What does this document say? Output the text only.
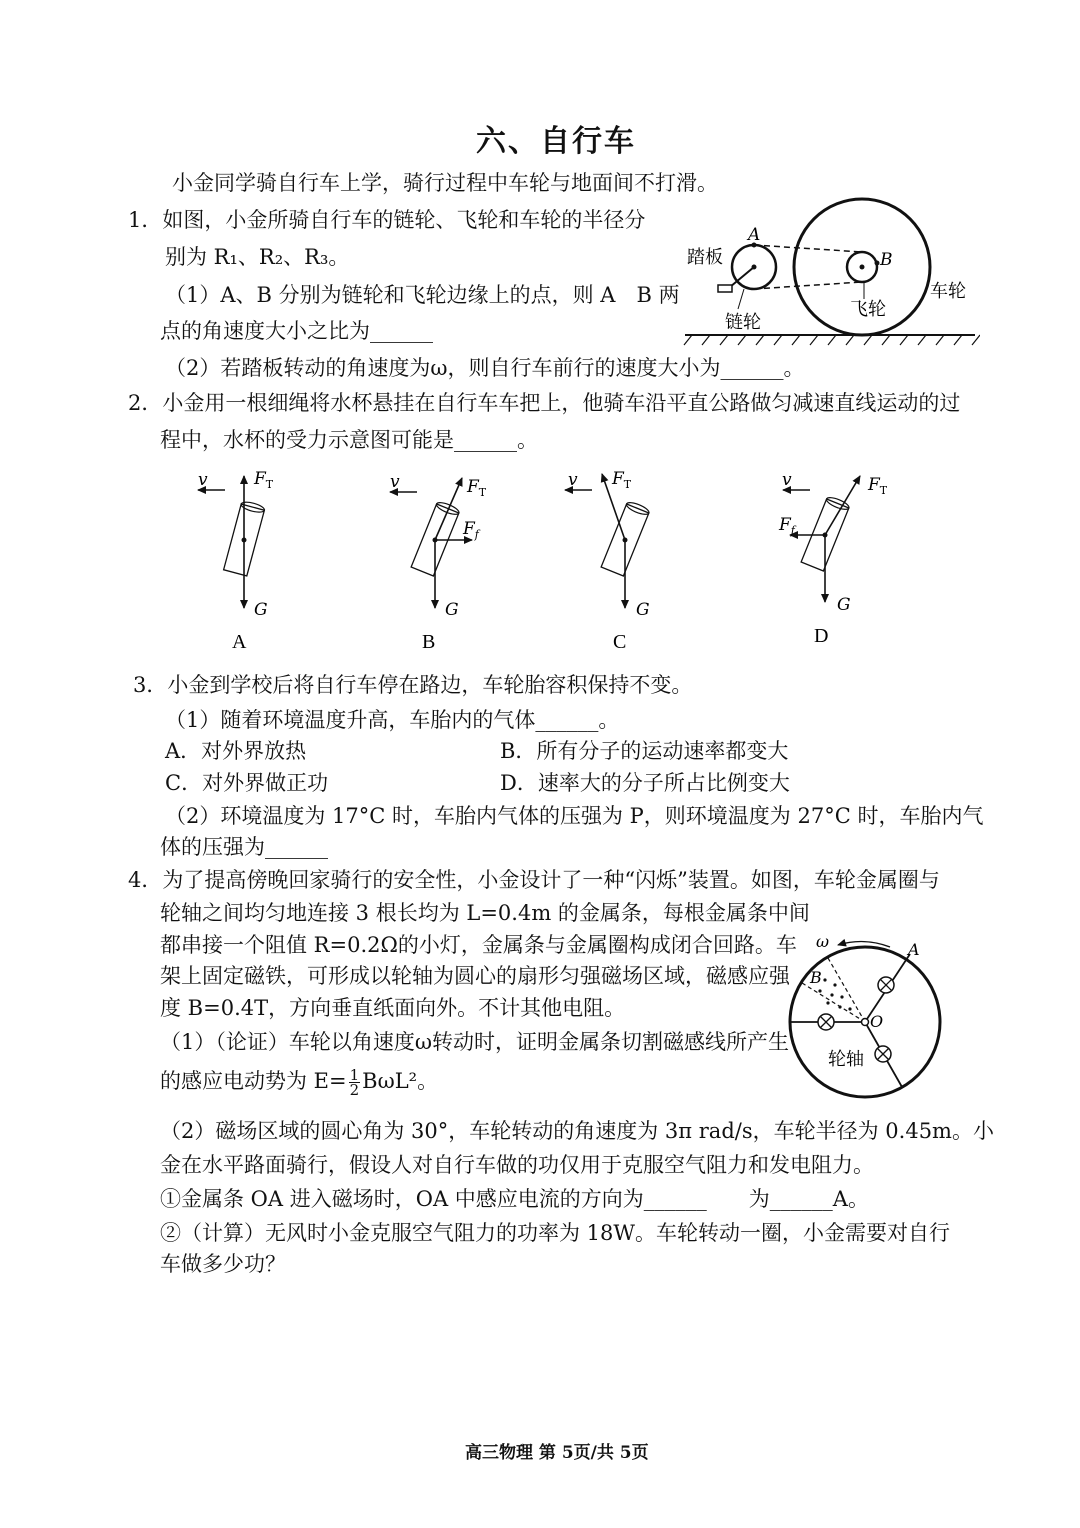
六、自行车
小金同学骑自行车上学，骑行过程中车轮与地面间不打滑。
1．如图，小金所骑自行车的链轮、飞轮和车轮的半径分
别为 R₁、R₂、R₃。
（1）A、B 分别为链轮和飞轮边缘上的点，则 A　B 两
点的角速度大小之比为______
（2）若踏板转动的角速度为ω，则自行车前行的速度大小为______。
A
B
踏板
链轮
飞轮
车轮
2．小金用一根细绳将水杯悬挂在自行车车把上，他骑车沿平直公路做匀减速直线运动的过
程中，水杯的受力示意图可能是______。
v	$F_T$
G
A
v	$F_T$
$F_f$
G
B
v $F_T$
G
C
v	$F_T$
$F_f$
G
D
3．小金到学校后将自行车停在路边，车轮胎容积保持不变。
（1）随着环境温度升高，车胎内的气体______。
A．对外界放热	B．所有分子的运动速率都变大
C．对外界做正功	D．速率大的分子所占比例变大
（2）环境温度为 17°C 时，车胎内气体的压强为 P，则环境温度为 27°C 时，车胎内气
体的压强为______
4．为了提高傍晚回家骑行的安全性，小金设计了一种“闪烁”装置。如图，车轮金属圈与
轮轴之间均匀地连接 3 根长均为 L=0.4m 的金属条，每根金属条中间
都串接一个阻值 R=0.2Ω的小灯，金属条与金属圈构成闭合回路。车
架上固定磁铁，可形成以轮轴为圆心的扇形匀强磁场区域，磁感应强
度 B=0.4T，方向垂直纸面向外。不计其他电阻。
（1）（论证）车轮以角速度ω转动时，证明金属条切割磁感线所产生
的感应电动势为 $E= \frac{1}{2} B\omega L^2$。
（2）磁场区域的圆心角为 30°，车轮转动的角速度为 3π rad/s，车轮半径为 0.45m。小
金在水平路面骑行，假设人对自行车做的功仅用于克服空气阻力和发电阻力。
①金属条 OA 进入磁场时，OA 中感应电流的方向为______　　为______A。
②（计算）无风时小金克服空气阻力的功率为 18W。车轮转动一圈，小金需要对自行
车做多少功？
ω	A
B
O
轮轴
高三物理 第 5页/共 5页
